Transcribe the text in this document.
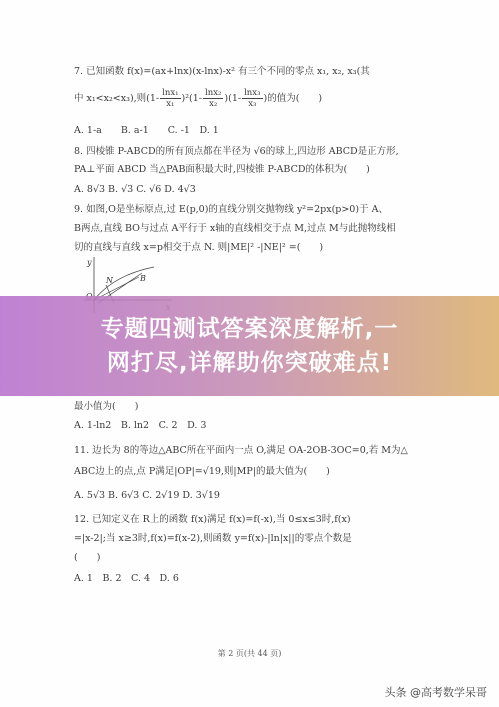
7. 已知函数 f(x)=(ax+lnx)(x-lnx)-x² 有三个不同的零点 x₁, x₂, x₃(其
中 x₁<x₂<x₃),则$(1- \frac{\text{lnx₁}}{\text{x₁}} )^2(1- \frac{\text{lnx₂}}{\text{x₂}} )(1- \frac{\text{lnx₃}}{\text{x₃}}$ )的值为(　　)
A. 1-a　　B. a-1　　C. -1　D. 1
8. 四棱锥 P-ABCD的所有顶点都在半径为 √6的球上,四边形 ABCD是正方形,
PA⊥平面 ABCD 当△PAB面积最大时,四棱锥 P-ABCD的体积为(　　)
A. 8√3 B. √3 C. √6 D. 4√3
9. 如图,O是坐标原点,过 E(p,0)的直线分别交抛物线 y²=2px(p>0)于 A、
B两点,直线 BO与过点 A平行于 x轴的直线相交于点 M,过点 M与此抛物线相
切的直线与直线 x=p相交于点 N. 则|ME|² -|NE|² =(　　)
y
N	B
专题四测试答案深度解析,一
网打尽,详解助你突破难点!
最小值为(　　)
A. 1-ln2　B. ln2　C. 2　D. 3
11. 边长为 8的等边△ABC所在平面内一点 O,满足 OA-2OB-3OC=0,若 M为△
ABC边上的点,点 P满足|OP|=√19,则|MP|的最大值为(　　)
A. 5√3 B. 6√3 C. 2√19 D. 3√19
12. 已知定义在 R上的函数 f(x)满足 f(x)=f(-x),当 0≤x≤3时,f(x)
=|x-2|;当 x≥3时,f(x)=f(x-2),则函数 y=f(x)-|ln|x||的零点个数是
(　　)
A. 1　B. 2　C. 4　D. 6
第 2 页(共 44 页)
头条 @高考数学呆哥
